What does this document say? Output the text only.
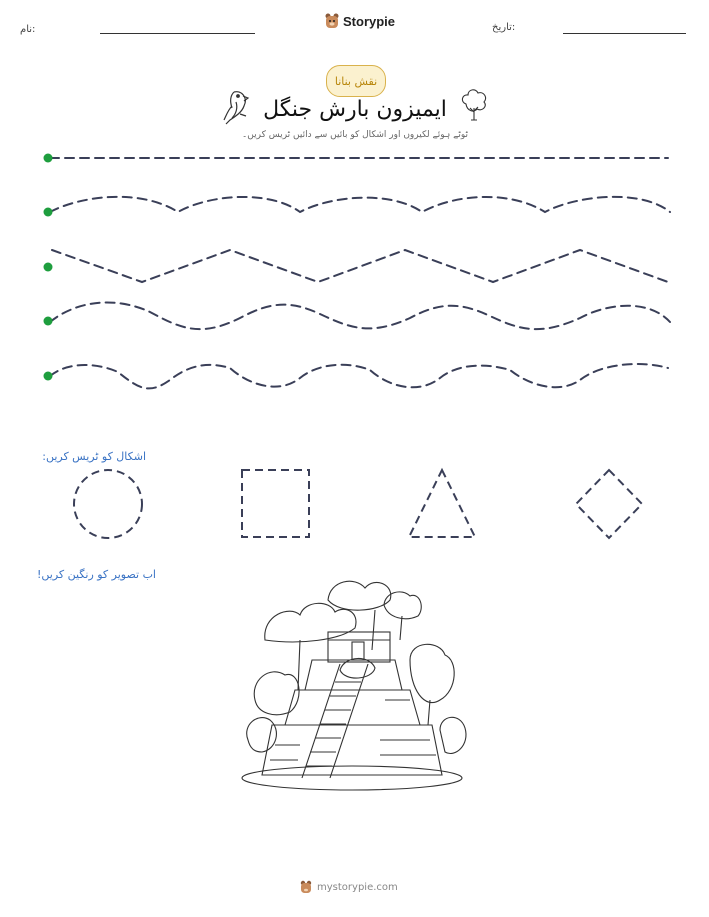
نام:
Storypie	تاریخ:
نقش بنانا
ایمیزون بارش جنگل
ٹوٹے ہوئے لکیروں اور اشکال کو بائیں سے دائیں ٹریس کریں۔
اشکال کو ٹریس کریں:
اب تصویر کو رنگین کریں!
mystorypie.com
